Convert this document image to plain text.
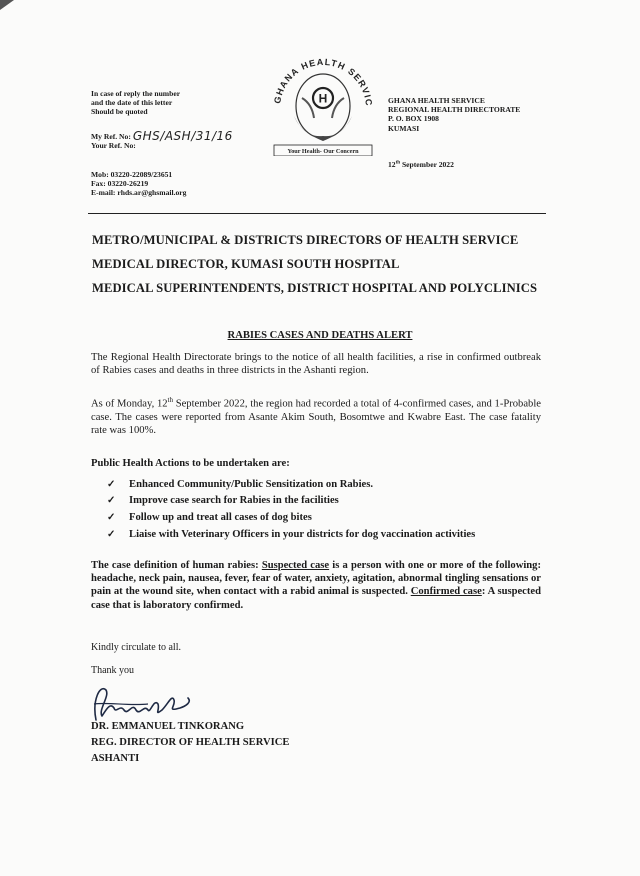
In case of reply the number
and the date of this letter
Should be quoted
My Ref. No: GHS/ASH/31/16
Your Ref. No:
Mob: 03220-22089/23651
Fax: 03220-26219
E-mail: rhds.ar@ghsmail.org
GHANA HEALTH SERVIC
H
Your Health- Our Concern
GHANA HEALTH SERVICE
REGIONAL HEALTH DIRECTORATE
P. O. BOX 1908
KUMASI
12th September 2022
METRO/MUNICIPAL & DISTRICTS DIRECTORS OF HEALTH SERVICE
MEDICAL DIRECTOR, KUMASI SOUTH HOSPITAL
MEDICAL SUPERINTENDENTS, DISTRICT HOSPITAL AND POLYCLINICS
RABIES CASES AND DEATHS ALERT
The Regional Health Directorate brings to the notice of all health facilities, a rise in confirmed outbreak of Rabies cases and deaths in three districts in the Ashanti region.
As of Monday, 12th September 2022, the region had recorded a total of 4-confirmed cases, and 1-Probable case. The cases were reported from Asante Akim South, Bosomtwe and Kwabre East. The case fatality rate was 100%.
Public Health Actions to be undertaken are:
✓	Enhanced Community/Public Sensitization on Rabies.
✓	Improve case search for Rabies in the facilities
✓	Follow up and treat all cases of dog bites
✓	Liaise with Veterinary Officers in your districts for dog vaccination activities
The case definition of human rabies: Suspected case is a person with one or more of the following: headache, neck pain, nausea, fever, fear of water, anxiety, agitation, abnormal tingling sensations or pain at the wound site, when contact with a rabid animal is suspected. Confirmed case: A suspected case that is laboratory confirmed.
Kindly circulate to all.
Thank you
DR. EMMANUEL TINKORANG
REG. DIRECTOR OF HEALTH SERVICE
ASHANTI
